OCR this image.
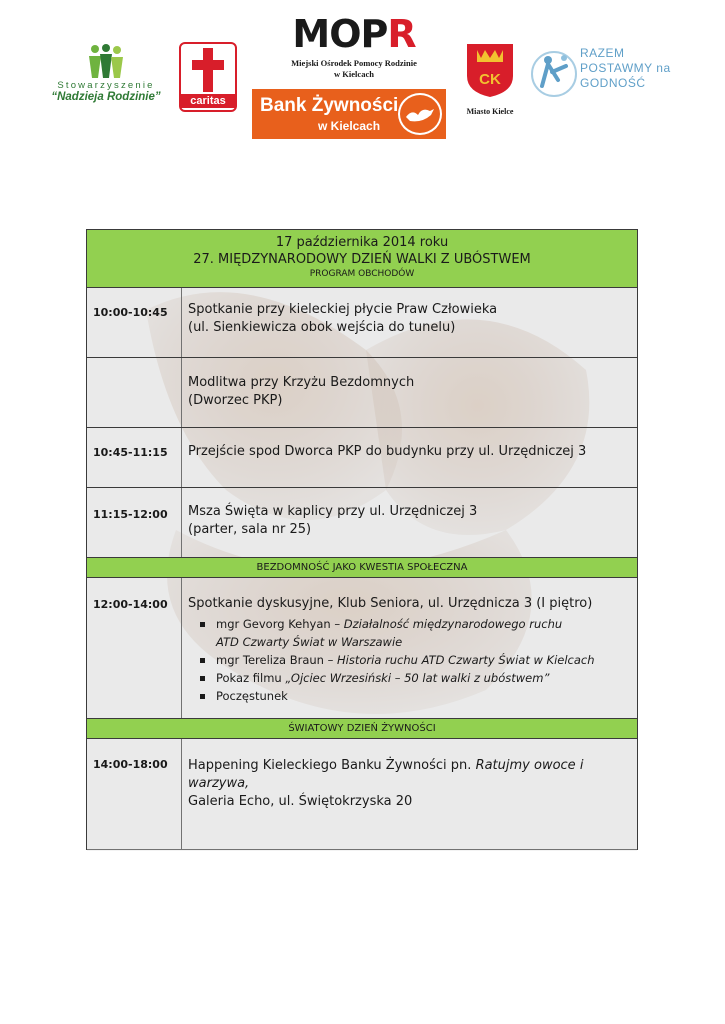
Stowarzyszenie
“Nadzieja Rodzinie”	caritas
MOPR
Miejski Ośrodek Pomocy Rodzinie
w Kielcach
Bank Żywności
w Kielcach
CK
Miasto Kielce
RAZEM
POSTAWMY na
GODNOŚĆ
17 października 2014 roku
27. MIĘDZYNARODOWY DZIEŃ WALKI Z UBÓSTWEM
PROGRAM OBCHODÓW
10:00-10:45 Spotkanie przy kieleckiej płycie Praw Człowieka
(ul. Sienkiewicza obok wejścia do tunelu)
Modlitwa przy Krzyżu Bezdomnych
(Dworzec PKP)
10:45-11:15 Przejście spod Dworca PKP do budynku przy ul. Urzędniczej 3
11:15-12:00 Msza Święta w kaplicy przy ul. Urzędniczej 3
(parter, sala nr 25)
BEZDOMNOŚĆ JAKO KWESTIA SPOŁECZNA
12:00-14:00 Spotkanie dyskusyjne, Klub Seniora, ul. Urzędnicza 3 (I piętro)
mgr Gevorg Kehyan – Działalność międzynarodowego ruchu
ATD Czwarty Świat w Warszawie
mgr Tereliza Braun – Historia ruchu ATD Czwarty Świat w Kielcach
Pokaz filmu „Ojciec Wrzesiński – 50 lat walki z ubóstwem”
Poczęstunek
ŚWIATOWY DZIEŃ ŻYWNOŚCI
14:00-18:00 Happening Kieleckiego Banku Żywności pn. Ratujmy owoce i warzywa,
Galeria Echo, ul. Świętokrzyska 20
